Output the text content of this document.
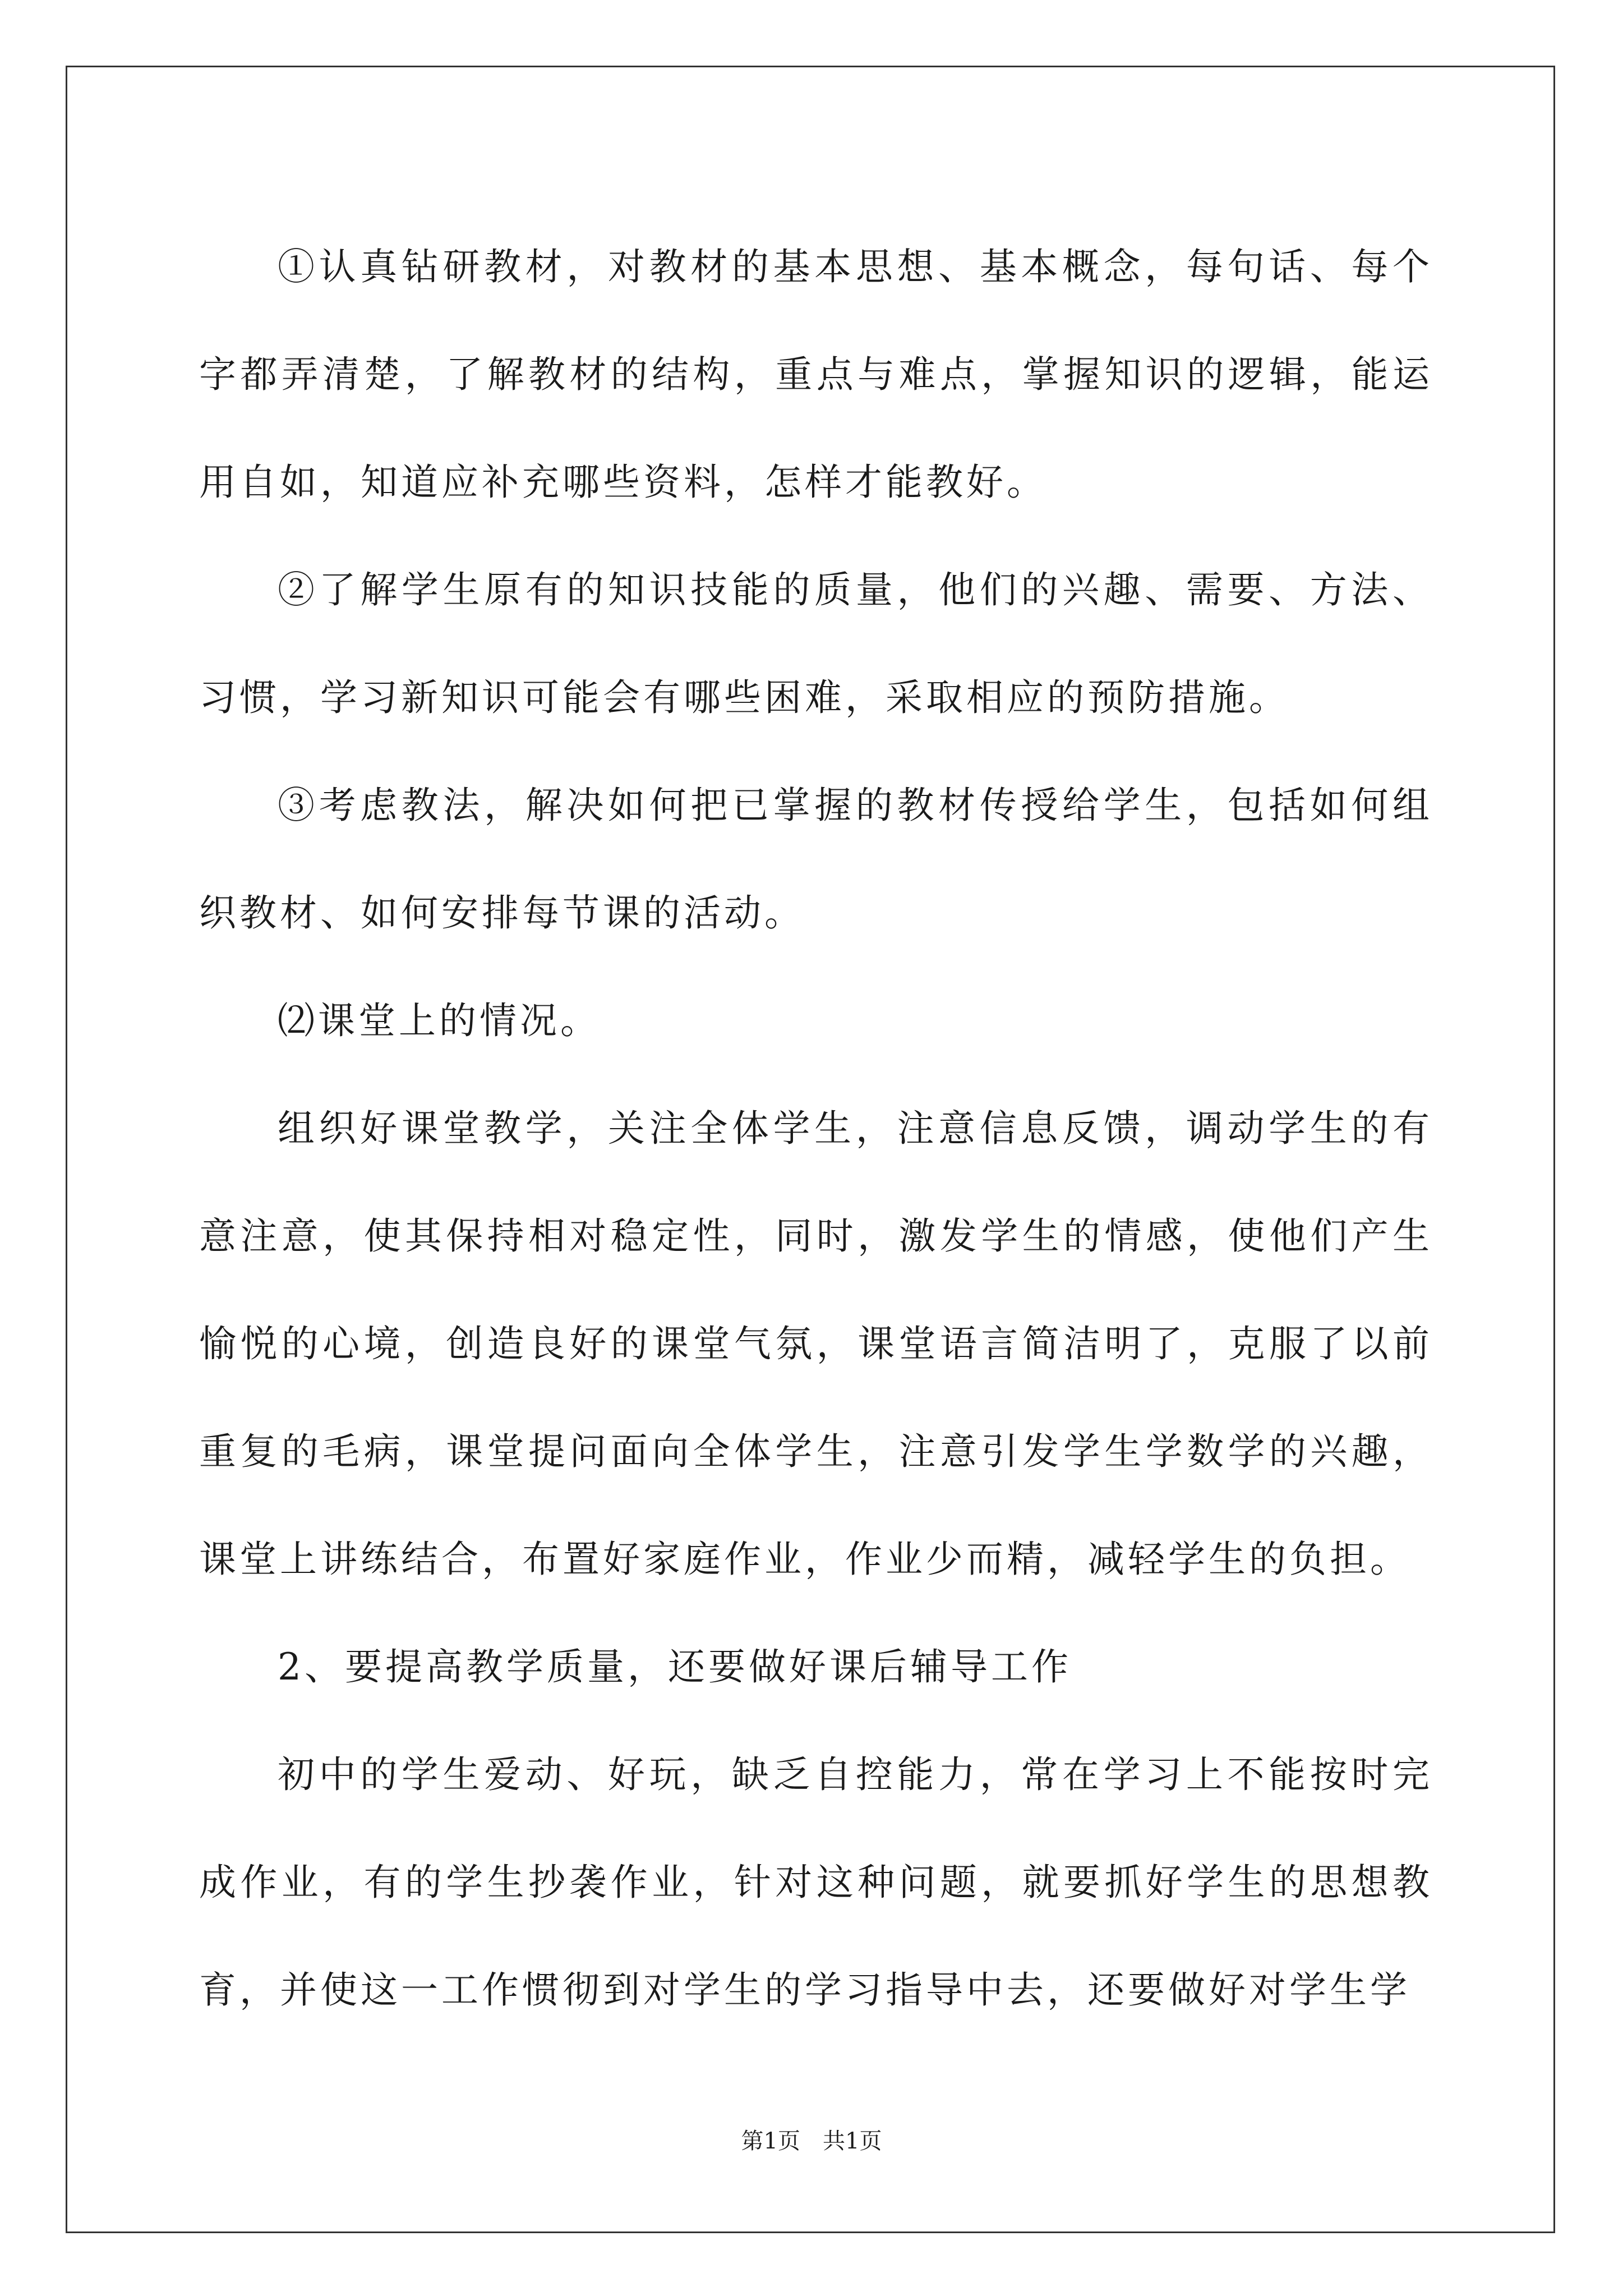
①认真钻研教材，对教材的基本思想、基本概念，每句话、每个字都弄清楚，了解教材的结构，重点与难点，掌握知识的逻辑，能运用自如，知道应补充哪些资料，怎样才能教好。

②了解学生原有的知识技能的质量，他们的兴趣、需要、方法、习惯，学习新知识可能会有哪些困难，采取相应的预防措施。

③考虑教法，解决如何把已掌握的教材传授给学生，包括如何组织教材、如何安排每节课的活动。

⑵课堂上的情况。

组织好课堂教学，关注全体学生，注意信息反馈，调动学生的有意注意，使其保持相对稳定性，同时，激发学生的情感，使他们产生愉悦的心境，创造良好的课堂气氛，课堂语言简洁明了，克服了以前重复的毛病，课堂提问面向全体学生，注意引发学生学数学的兴趣，课堂上讲练结合，布置好家庭作业，作业少而精，减轻学生的负担。

2、要提高教学质量，还要做好课后辅导工作

初中的学生爱动、好玩，缺乏自控能力，常在学习上不能按时完成作业，有的学生抄袭作业，针对这种问题，就要抓好学生的思想教育，并使这一工作惯彻到对学生的学习指导中去，还要做好对学生学

第1页　共1页
